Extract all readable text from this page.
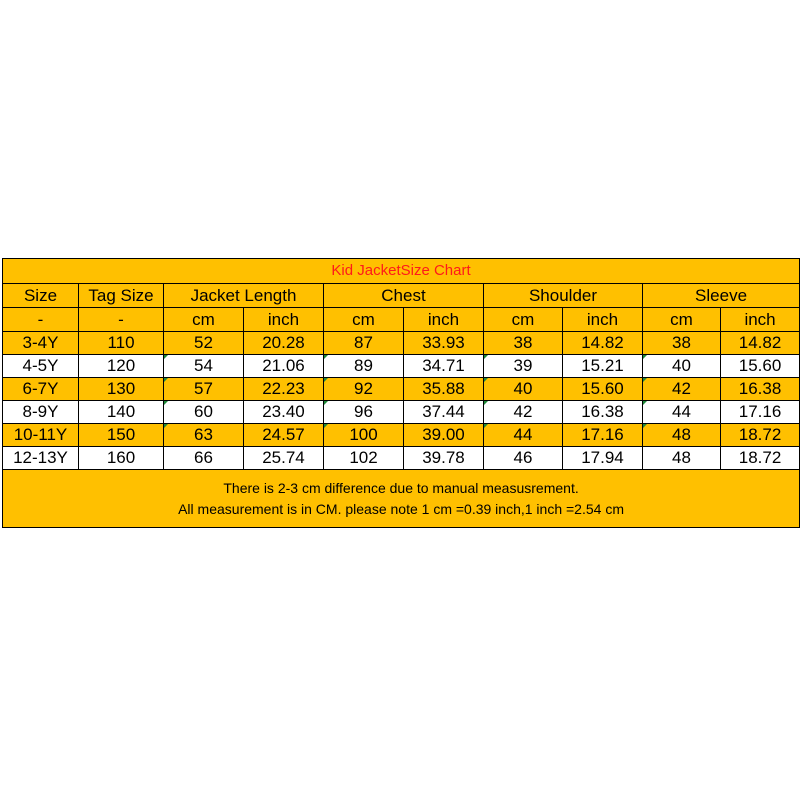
Kid JacketSize Chart									
Size	Tag Size	Jacket Length		Chest		Shoulder		Sleeve	
-	-	cm	inch	cm	inch	cm	inch	cm	inch
3-4Y	110	52	20.28	87	33.93	38	14.82	38	14.82
4-5Y	120	54	21.06	89	34.71	39	15.21	40	15.60
6-7Y	130	57	22.23	92	35.88	40	15.60	42	16.38
8-9Y	140	60	23.40	96	37.44	42	16.38	44	17.16
10-11Y	150	63	24.57	100	39.00	44	17.16	48	18.72
12-13Y	160	66	25.74	102	39.78	46	17.94	48	18.72

There is 2-3 cm difference due to manual measusrement.
All measurement is in CM. please note 1 cm =0.39 inch,1 inch =2.54 cm									
